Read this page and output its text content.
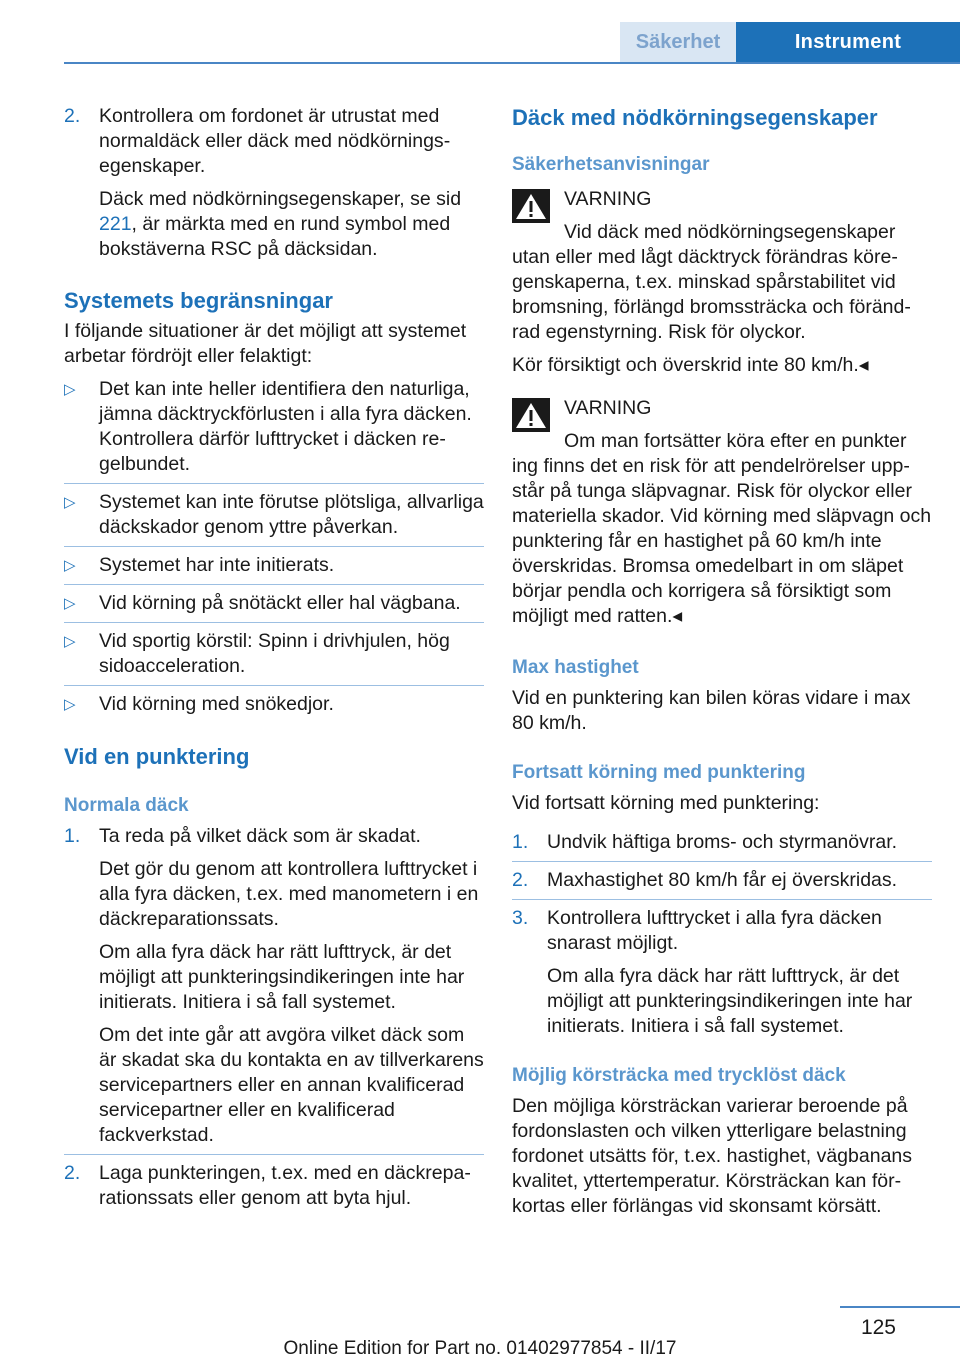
Säkerhet	Instrument
2. Kontrollera om fordonet är utrustat med normaldäck eller däck med nödkörningsegenskaper.

Däck med nödkörningsegenskaper, se sid 221, är märkta med en rund symbol med bokstäverna RSC på däcksidan.

Systemets begränsningar

I följande situationer är det möjligt att systemet arbetar fördröjt eller felaktigt:

▷ Det kan inte heller identifiera den naturliga, jämna däcktryckförlusten i alla fyra däcken. Kontrollera därför lufttrycket i däcken regelbundet.
▷ Systemet kan inte förutse plötsliga, allvarliga däckskador genom yttre påverkan.
▷ Systemet har inte initierats.
▷ Vid körning på snötäckt eller hal vägbana.
▷ Vid sportig körstil: Spinn i drivhjulen, hög sidoacceleration.
▷ Vid körning med snökedjor.
Vid en punktering
Normala däck
1. Ta reda på vilket däck som är skadat.

Det gör du genom att kontrollera lufttrycket i alla fyra däcken, t.ex. med manometern i en däckreparationssats.

Om alla fyra däck har rätt lufttryck, är det möjligt att punkteringsindikeringen inte har initierats. Initiera i så fall systemet.

Om det inte går att avgöra vilket däck som är skadat ska du kontakta en av tillverkarens servicepartners eller en annan kvalificerad servicepartner eller en kvalificerad fackverkstad.

2. Laga punkteringen, t.ex. med en däckreparationssats eller genom att byta hjul.

Däck med nödkörningsegenskaper
Säkerhetsanvisningar

VARNING

Vid däck med nödkörningsegenskaper

utan eller med lågt däcktryck förändras köregenskaperna, t.ex. minskad spårstabilitet vid bromsning, förlängd bromssträcka och förändrad egenstyrning. Risk för olyckor.

Kör försiktigt och överskrid inte 80 km/h.◂

VARNING

Om man fortsätter köra efter en punkter

ing finns det en risk för att pendelrörelser uppstår på tunga släpvagnar. Risk för olyckor eller materiella skador. Vid körning med släpvagn och punktering får en hastighet på 60 km/h inte överskridas. Bromsa omedelbart in om släpet börjar pendla och korrigera så försiktigt som möjligt med ratten.◂

Max hastighet

Vid en punktering kan bilen köras vidare i max 80 km/h.

Fortsatt körning med punktering

Vid fortsatt körning med punktering:

1. Undvik häftiga broms- och styrmanövrar.

2. Maxhastighet 80 km/h får ej överskridas.

3. Kontrollera lufttrycket i alla fyra däcken snarast möjligt.

Om alla fyra däck har rätt lufttryck, är det möjligt att punkteringsindikeringen inte har initierats. Initiera i så fall systemet.

Möjlig körsträcka med trycklöst däck

Den möjliga körsträckan varierar beroende på fordonslasten och vilken ytterligare belastning fordonet utsätts för, t.ex. hastighet, vägbanans kvalitet, yttertemperatur. Körsträckan kan förkortas eller förlängas vid skonsamt körsätt.

125
Online Edition for Part no. 01402977854 - II/17
